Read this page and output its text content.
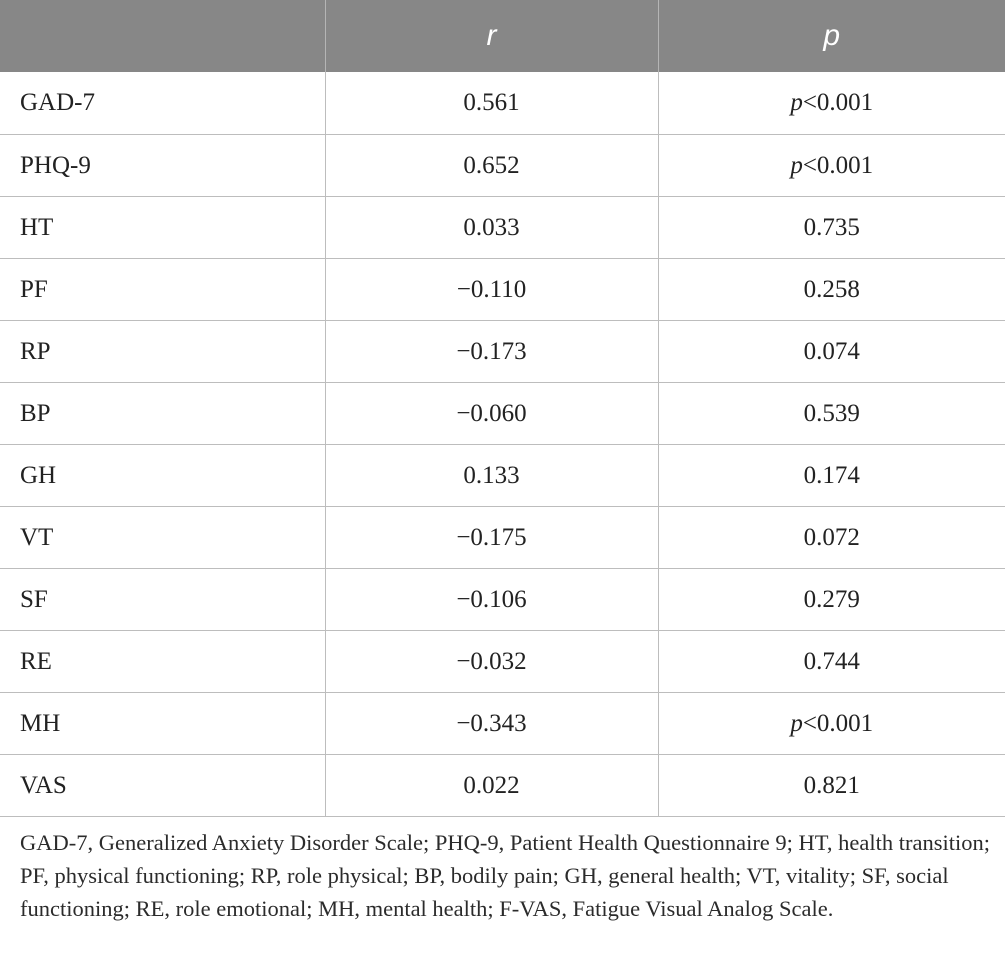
	r	p
GAD-7	0.561	p<0.001
PHQ-9	0.652	p<0.001
HT	0.033	0.735
PF	−0.110	0.258
RP	−0.173	0.074
BP	−0.060	0.539
GH	0.133	0.174
VT	−0.175	0.072
SF	−0.106	0.279
RE	−0.032	0.744
MH	−0.343	p<0.001
VAS	0.022	0.821
GAD-7, Generalized Anxiety Disorder Scale; PHQ-9, Patient Health Questionnaire 9; HT, health transition; PF, physical functioning; RP, role physical; BP, bodily pain; GH, general health; VT, vitality; SF, social functioning; RE, role emotional; MH, mental health; F-VAS, Fatigue Visual Analog Scale.
